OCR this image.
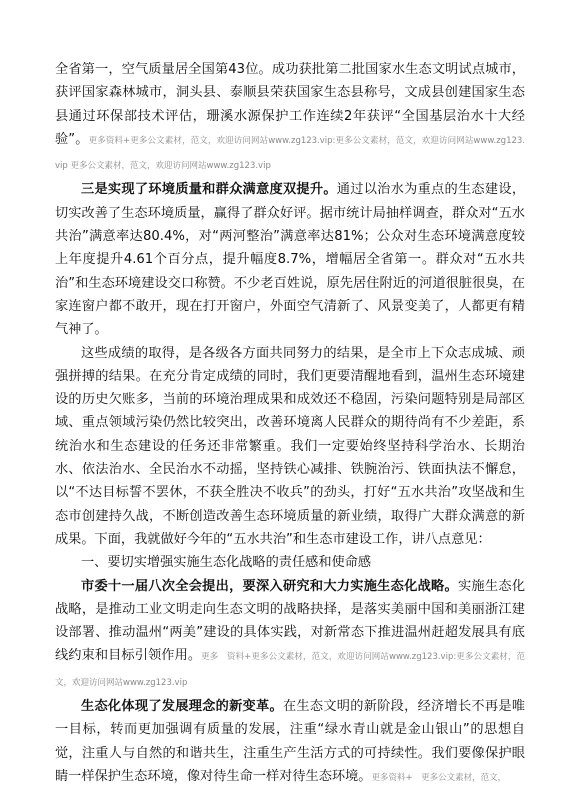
全省第一，空气质量居全国第43位。成功获批第二批国家水生态文明试点城市，获评国家森林城市，洞头县、泰顺县荣获国家生态县称号，文成县创建国家生态县通过环保部技术评估，珊溪水源保护工作连续2年获评“全国基层治水十大经验”。更多资料+更多公文素材，范文，欢迎访问网站www.zg123.vip:更多公文素材，范文，欢迎访问网站www.zg123.vip 更多公文素材，范文，欢迎访问网站www.zg123.vip

三是实现了环境质量和群众满意度双提升。通过以治水为重点的生态建设，切实改善了生态环境质量，赢得了群众好评。据市统计局抽样调查，群众对“五水共治”满意率达80.4%，对“两河整治”满意率达81%；公众对生态环境满意度较上年度提升4.61个百分点，提升幅度8.7%，增幅居全省第一。群众对“五水共治”和生态环境建设交口称赞。不少老百姓说，原先居住附近的河道很脏很臭，在家连窗户都不敢开，现在打开窗户，外面空气清新了、风景变美了，人都更有精气神了。

这些成绩的取得，是各级各方面共同努力的结果，是全市上下众志成城、顽强拼搏的结果。在充分肯定成绩的同时，我们更要清醒地看到，温州生态环境建设的历史欠账多，当前的环境治理成果和成效还不稳固，污染问题特别是局部区域、重点领域污染仍然比较突出，改善环境离人民群众的期待尚有不少差距，系统治水和生态建设的任务还非常繁重。我们一定要始终坚持科学治水、长期治水、依法治水、全民治水不动摇，坚持铁心减排、铁腕治污、铁面执法不懈怠，以“不达目标誓不罢休，不获全胜决不收兵”的劲头，打好“五水共治”攻坚战和生态市创建持久战，不断创造改善生态环境质量的新业绩，取得广大群众满意的新成果。下面，我就做好今年的“五水共治”和生态市建设工作，讲八点意见：

一、要切实增强实施生态化战略的责任感和使命感

市委十一届八次全会提出，要深入研究和大力实施生态化战略。实施生态化战略，是推动工业文明走向生态文明的战略抉择，是落实美丽中国和美丽浙江建设部署、推动温州“两美”建设的具体实践，对新常态下推进温州赶超发展具有底线约束和目标引领作用。更多　资料+更多公文素材，范文，欢迎访问网站www.zg123.vip:更多公文素材，范文，欢迎访问网站www.zg123.vip

生态化体现了发展理念的新变革。在生态文明的新阶段，经济增长不再是唯一目标，转而更加强调有质量的发展，注重“绿水青山就是金山银山”的思想自觉，注重人与自然的和谐共生，注重生产生活方式的可持续性。我们要像保护眼睛一样保护生态环境，像对待生命一样对待生态环境。更多资料+　更多公文素材，范文，
